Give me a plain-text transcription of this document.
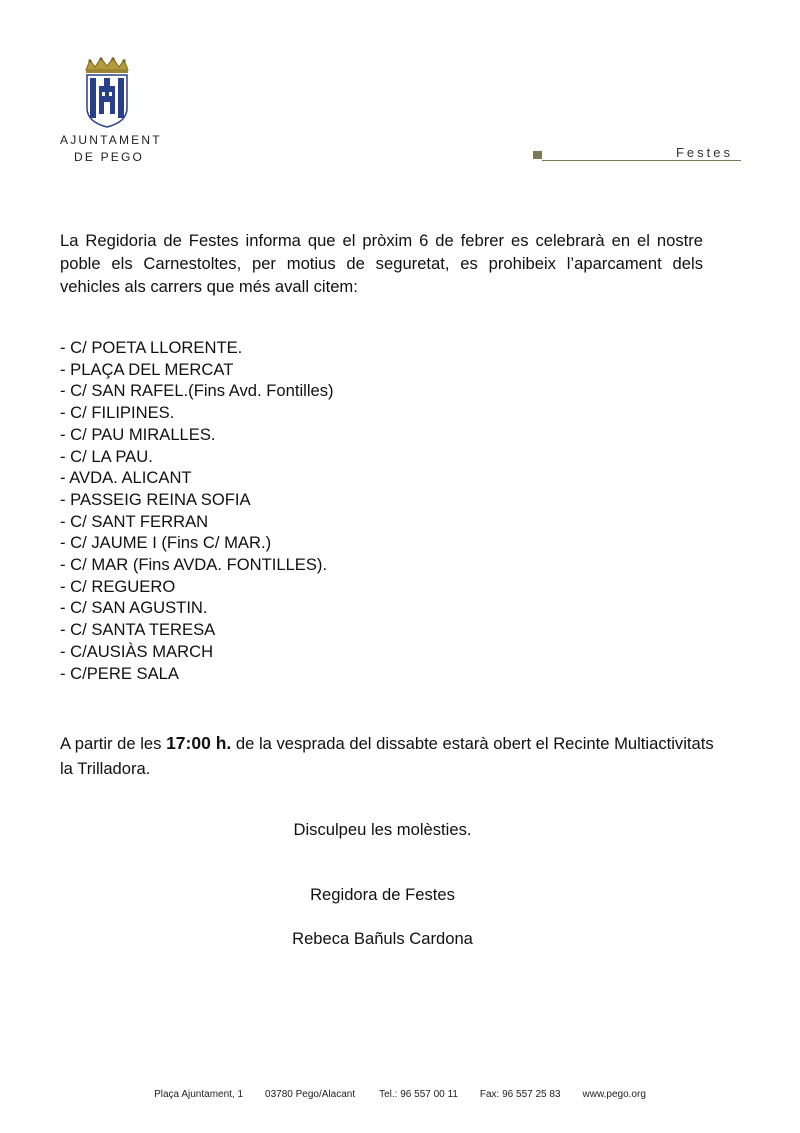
AJUNTAMENT
DE PEGO	Festes

La Regidoria de Festes informa que el pròxim 6 de febrer es celebrarà en el nostre poble els Carnestoltes, per motius de seguretat, es prohibeix l’aparcament dels vehicles als carrers que més avall citem:

- C/ POETA LLORENTE.
- PLAÇA DEL MERCAT
- C/ SAN RAFEL.(Fins Avd. Fontilles)
- C/ FILIPINES.
- C/ PAU MIRALLES.
- C/ LA PAU.
- AVDA. ALICANT
- PASSEIG REINA SOFIA
- C/ SANT FERRAN
- C/ JAUME I (Fins C/ MAR.)
- C/ MAR (Fins AVDA. FONTILLES).
- C/ REGUERO
- C/ SAN AGUSTIN.
- C/ SANTA TERESA
- C/AUSIÀS MARCH
- C/PERE SALA

A partir de les 17:00 h. de la vesprada del dissabte estarà obert el Recinte Multiactivitats la Trilladora.

Disculpeu les molèsties.

Regidora de Festes

Rebeca Bañuls Cardona

Plaça Ajuntament, 1 03780 Pego/Alacant Tel.: 96 557 00 11 Fax: 96 557 25 83 www.pego.org
